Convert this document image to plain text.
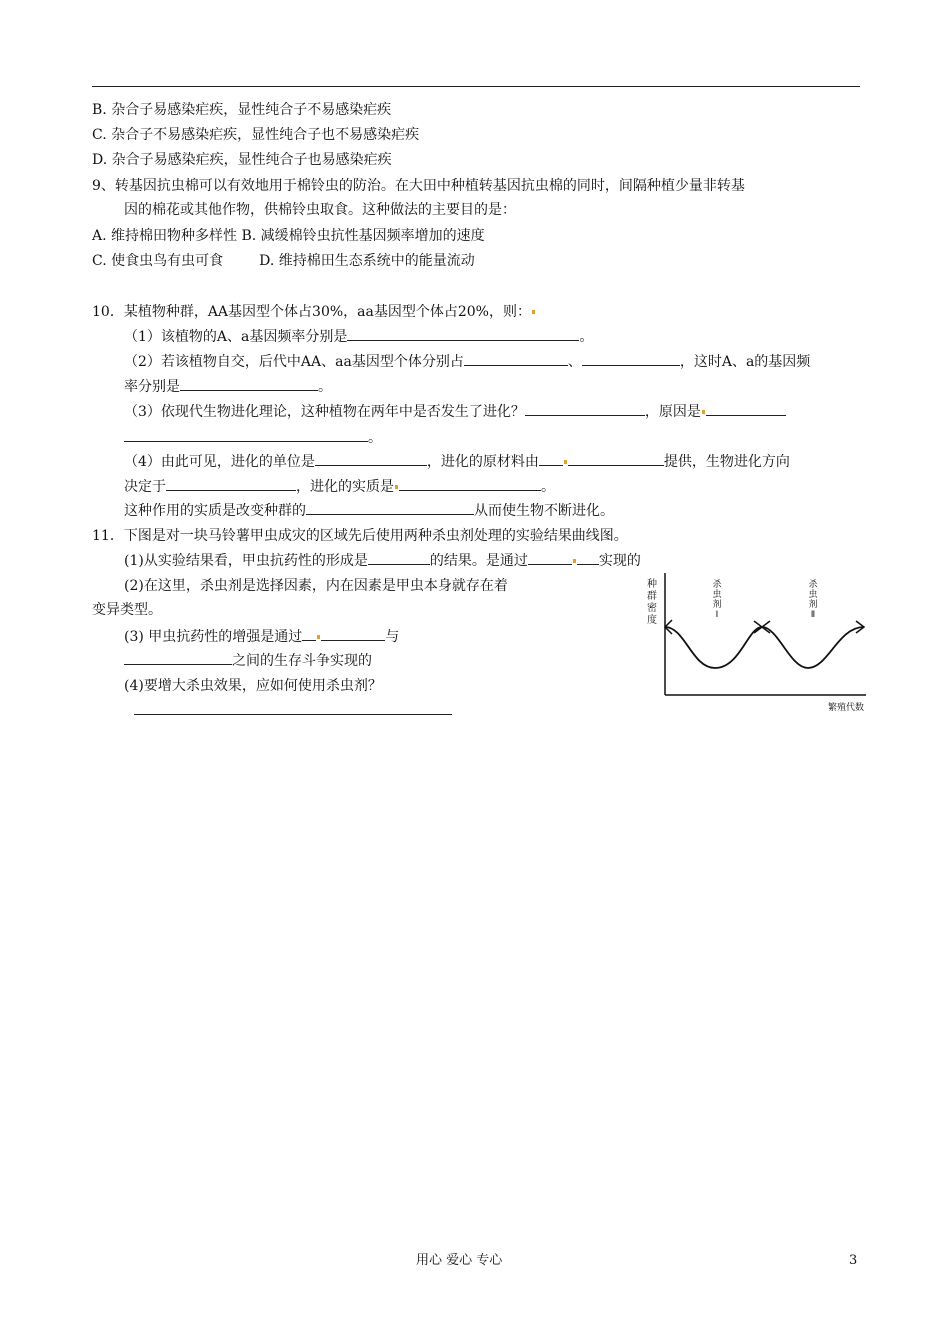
B. 杂合子易感染疟疾，显性纯合子不易感染疟疾
C. 杂合子不易感染疟疾，显性纯合子也不易感染疟疾
D. 杂合子易感染疟疾，显性纯合子也易感染疟疾
9、转基因抗虫棉可以有效地用于棉铃虫的防治。在大田中种植转基因抗虫棉的同时，间隔种植少量非转基
因的棉花或其他作物，供棉铃虫取食。这种做法的主要目的是：
A. 维持棉田物种多样性 B. 减缓棉铃虫抗性基因频率增加的速度
C. 使食虫鸟有虫可食	D. 维持棉田生态系统中的能量流动
10．某植物种群，AA基因型个体占30%，aa基因型个体占20%，则：
（1）该植物的A、a基因频率分别是	。
（2）若该植物自交，后代中AA、aa基因型个体分别占	、	，这时A、a的基因频
率分别是	。
（3）依现代生物进化理论，这种植物在两年中是否发生了进化？	，原因是
。
（4）由此可见，进化的单位是	，进化的原材料由	提供，生物进化方向
决定于	，进化的实质是	。
这种作用的实质是改变种群的	从而使生物不断进化。
11．下图是对一块马铃薯甲虫成灾的区域先后使用两种杀虫剂处理的实验结果曲线图。
(1)从实验结果看，甲虫抗药性的形成是	的结果。是通过	实现的
(2)在这里，杀虫剂是选择因素，内在因素是甲虫本身就存在着
变异类型。
(3) 甲虫抗药性的增强是通过	与
之间的生存斗争实现的
(4)要增大杀虫效果，应如何使用杀虫剂？
种
群
密
度
杀
虫
剂
Ⅰ
杀
虫
剂
Ⅱ
繁殖代数
用心 爱心 专心	3
